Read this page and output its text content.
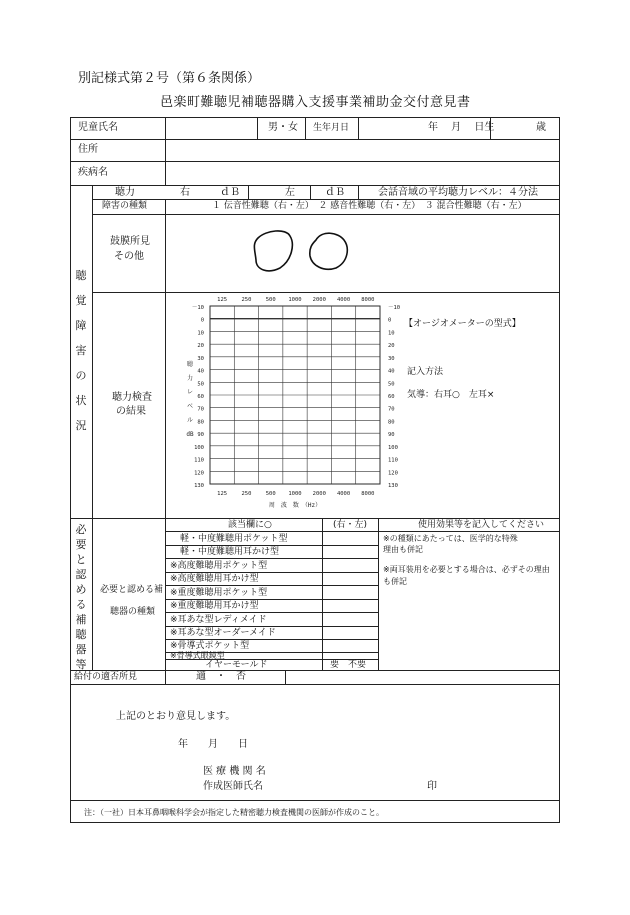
別記様式第２号（第６条関係）
邑楽町難聴児補聴器購入支援事業補助金交付意見書
児童氏名	男・女 生年月日	年　 月　 日生	歳
住所
疾病名
聴
覚
障
害
の
状
況
聴力	右　　　ｄＢ	左　　　ｄＢ	会話音域の平均聴力レベル：４分法
障害の種類	１ 伝音性難聴（右・左）　２ 感音性難聴（右・左）　３ 混合性難聴（右・左）
鼓膜所見
その他
聴力検査
の結果
－10	－10
0	0
10	10
20	20
30	30
40	40
50	50
60	60
70	70
80	80
90	90
100	100
110	110
120	120
130	130
125
125
250
250
500
500
1000
1000
2000
2000
4000
4000
8000
8000
聴
力
レ
ベ
ル
dB
周　波　数　（Hz）
【オージオメーターの型式】
記入方法
気導：右耳○　左耳×
必
要
と
認
め
る
補
聴
器
等
必要と認める補
聴器の種類
該当欄に○	(右・左)	使用効果等を記入してください
軽・中度難聴用ポケット型
軽・中度難聴用耳かけ型
※高度難聴用ポケット型
※高度難聴用耳かけ型
※重度難聴用ポケット型
※重度難聴用耳かけ型
※耳あな型レディメイド
※耳あな型オーダーメイド
※骨導式ポケット型
※骨導式眼鏡型
イヤーモールド	要　不要
※の種類にあたっては、医学的な特殊
理由も併記
※両耳装用を必要とする場合は、必ずその理由
も併記
給付の適否所見	適　・　否
上記のとおり意見します。
年　　月　　日
医 療 機 関 名
作成医師氏名	印
注：（一社）日本耳鼻咽喉科学会が指定した精密聴力検査機関の医師が作成のこと。
